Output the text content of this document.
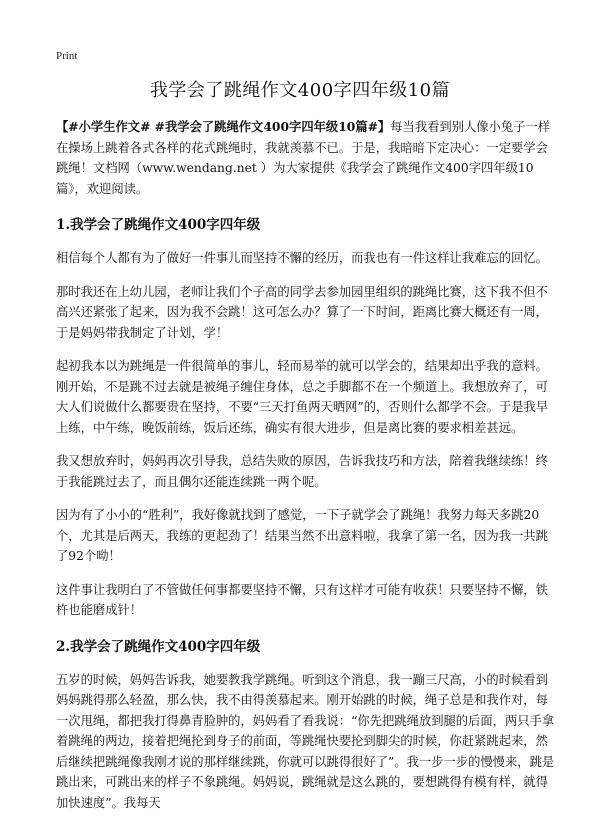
Print
我学会了跳绳作文400字四年级10篇

【#小学生作文# #我学会了跳绳作文400字四年级10篇#】每当我看到别人像小兔子一样在操场上跳着各式各样的花式跳绳时，我就羡慕不已。于是，我暗暗下定决心：一定要学会跳绳！文档网（www.wendang.net ）为大家提供《我学会了跳绳作文400字四年级10篇》，欢迎阅读。

1.我学会了跳绳作文400字四年级

相信每个人都有为了做好一件事儿而坚持不懈的经历，而我也有一件这样让我难忘的回忆。

那时我还在上幼儿园，老师让我们个子高的同学去参加园里组织的跳绳比赛，这下我不但不高兴还紧张了起来，因为我不会跳！这可怎么办？算了一下时间，距离比赛大概还有一周，于是妈妈带我制定了计划，学！

起初我本以为跳绳是一件很简单的事儿，轻而易举的就可以学会的，结果却出乎我的意料。刚开始，不是跳不过去就是被绳子缠住身体，总之手脚都不在一个频道上。我想放弃了，可大人们说做什么都要贵在坚持，不要“三天打鱼两天晒网”的，否则什么都学不会。于是我早上练，中午练，晚饭前练，饭后还练，确实有很大进步，但是离比赛的要求相差甚远。

我又想放弃时，妈妈再次引导我，总结失败的原因，告诉我技巧和方法，陪着我继续练！终于我能跳过去了，而且偶尔还能连续跳一两个呢。

因为有了小小的“胜利”，我好像就找到了感觉，一下子就学会了跳绳！我努力每天多跳20个，尤其是后两天，我练的更起劲了！结果当然不出意料啦，我拿了第一名，因为我一共跳了92个呦！

这件事让我明白了不管做任何事都要坚持不懈，只有这样才可能有收获！只要坚持不懈，铁杵也能磨成针！

2.我学会了跳绳作文400字四年级

五岁的时候，妈妈告诉我，她要教我学跳绳。听到这个消息，我一蹦三尺高，小的时候看到妈妈跳得那么轻盈，那么快，我不由得羡慕起来。刚开始跳的时候，绳子总是和我作对，每一次甩绳，都把我打得鼻青脸肿的，妈妈看了看我说：“你先把跳绳放到腿的后面，两只手拿着跳绳的两边，接着把绳抡到身子的前面，等跳绳快要抡到脚尖的时候，你赶紧跳起来，然后继续把跳绳像我刚才说的那样继续跳，你就可以跳得很好了”。我一步一步的慢慢来，跳是跳出来，可跳出来的样子不象跳绳。妈妈说，跳绳就是这么跳的，要想跳得有模有样，就得加快速度”。我每天
